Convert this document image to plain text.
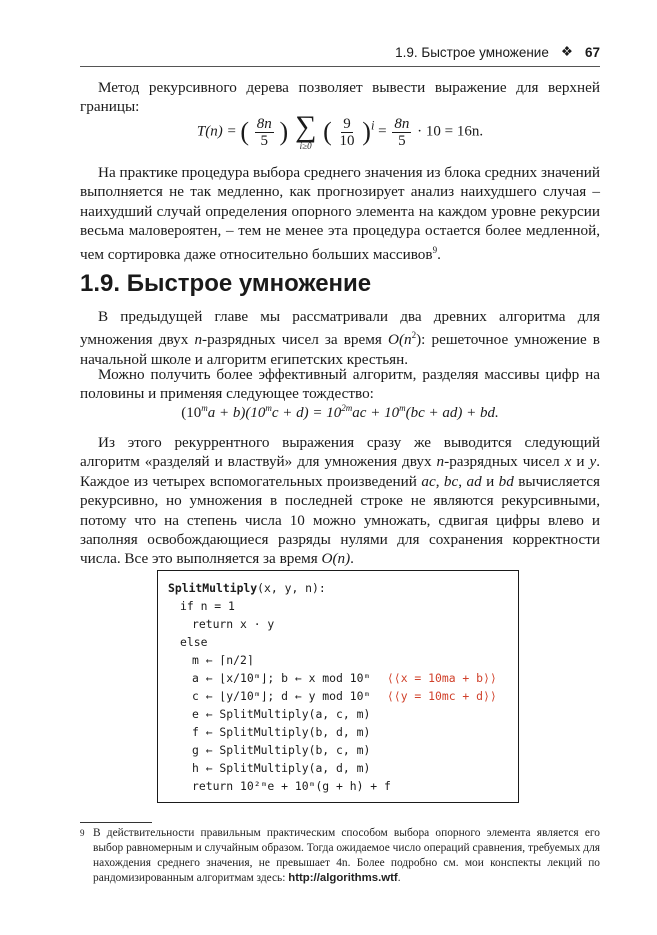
1.9. Быстрое умножение ❖ 67

Метод рекурсивного дерева позволяет вывести выражение для верхней границы:

T(n) = ( $\frac{8n}{5}$ ) ∑
i≥0 ( $\frac{9}{10} )^i = \frac{8n}{5} \cdot 10 = 16n$.

На практике процедура выбора среднего значения из блока средних значений выполняется не так медленно, как прогнозирует анализ наихудшего случая – наихудший случай определения опорного элемента на каждом уровне рекурсии весьма маловероятен, – тем не менее эта процедура остается более медленной, чем сортировка даже относительно больших массивов$^9$.

1.9. Быстрое умножение

В предыдущей главе мы рассматривали два древних алгоритма для умножения двух n-разрядных чисел за время $O(n^2)$: решеточное умножение в начальной школе и алгоритм египетских крестьян.

Можно получить более эффективный алгоритм, разделяя массивы цифр на половины и применяя следующее тождество:

$(10^ma + b)(10^mc + d) = 10^{2m}ac + 10^m(bc + ad)$ + bd.

Из этого рекуррентного выражения сразу же выводится следующий алгоритм «разделяй и властвуй» для умножения двух n-разрядных чисел x и y. Каждое из четырех вспомогательных произведений ac, bc, ad и bd вычисляется рекурсивно, но умножения в последней строке не являются рекурсивными, потому что на степень числа 10 можно умножать, сдвигая цифры влево и заполняя освобождающиеся разряды нулями для сохранения корректности числа. Все это выполняется за время O(n).

SplitMultiply(x, y, n):
if n = 1
return x · y
else
m ← ⌈n/2⌉
a ← ⌊x/10ᵐ⌋; b ← x mod 10ᵐ
c ← ⌊y/10ᵐ⌋; d ← y mod 10ᵐ
e ← SplitMultiply(a, c, m)
f ← SplitMultiply(b, d, m)
g ← SplitMultiply(b, c, m)
h ← SplitMultiply(a, d, m)
return 10²ᵐe + 10ᵐ(g + h) + f
⟨⟨x = 10ma + b⟩⟩
⟨⟨y = 10mc + d⟩⟩
9 В действительности правильным практическим способом выбора опорного элемента является его выбор равномерным и случайным образом. Тогда ожидаемое число операций сравнения, требуемых для нахождения среднего значения, не превышает 4n. Более подробно см. мои конспекты лекций по рандомизированным алгоритмам здесь: http://algorithms.wtf.
